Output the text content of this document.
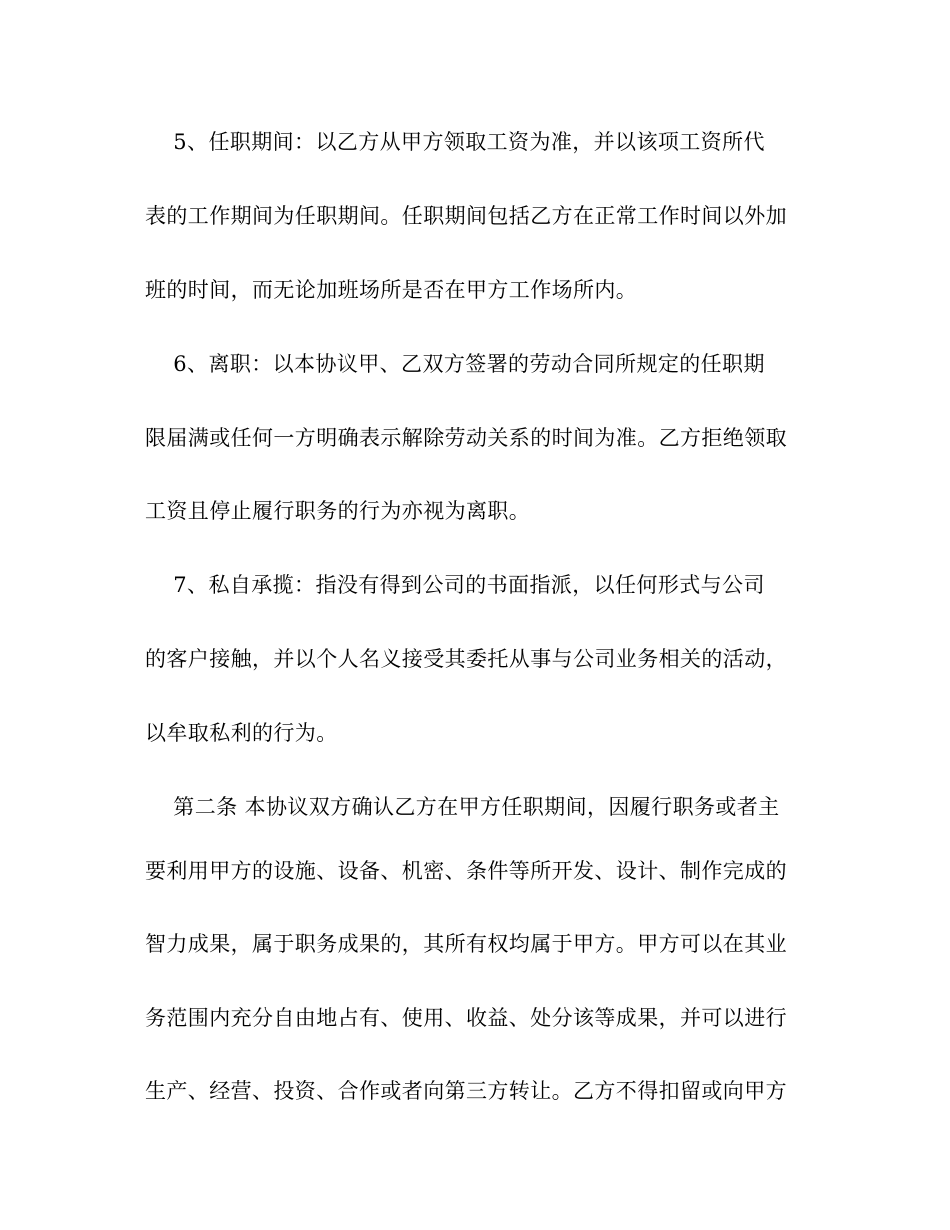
5、任职期间：以乙方从甲方领取工资为准，并以该项工资所代
表的工作期间为任职期间。任职期间包括乙方在正常工作时间以外加
班的时间，而无论加班场所是否在甲方工作场所内。
6、离职：以本协议甲、乙双方签署的劳动合同所规定的任职期
限届满或任何一方明确表示解除劳动关系的时间为准。乙方拒绝领取
工资且停止履行职务的行为亦视为离职。
7、私自承揽：指没有得到公司的书面指派，以任何形式与公司
的客户接触，并以个人名义接受其委托从事与公司业务相关的活动，
以牟取私利的行为。
第二条 本协议双方确认乙方在甲方任职期间，因履行职务或者主
要利用甲方的设施、设备、机密、条件等所开发、设计、制作完成的
智力成果，属于职务成果的，其所有权均属于甲方。甲方可以在其业
务范围内充分自由地占有、使用、收益、处分该等成果，并可以进行
生产、经营、投资、合作或者向第三方转让。乙方不得扣留或向甲方
